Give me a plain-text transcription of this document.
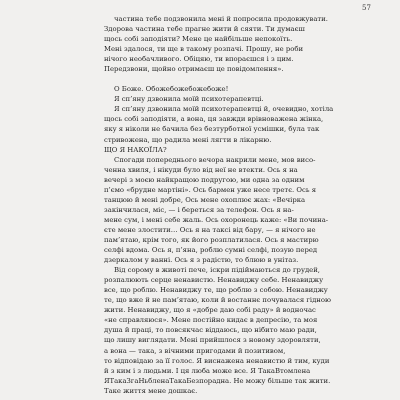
57

частина тебе подзвонила мені й попросила продовжувати.
Здорова частина тебе прагне жити й сяяти. Ти думаєш
щось собі заподіяти? Мене це найбільше непокоїть.
Мені здалося, ти ще в такому розпачі. Прошу, не роби
нічого необачливого. Обіцяю, ти впораєшся і з цим.
Передзвони, щойно отримаєш це повідомлення».

О Боже. Обожебожебожебоже!

Я сп’яну дзвонила моїй психотерапевтці.

Я сп’яну дзвонила моїй психотерапевтці й, очевидно, хотіла
щось собі заподіяти, а вона, ця завжди врівноважена жінка,
яку я ніколи не бачила без безтурботної усмішки, була так
стривожена, що радила мені лягти в лікарню.
ЩО Я НАКОЇЛА?

Спогади попереднього вечора накрили мене, мов висо-
ченна хвиля, і нікуди було від неї не втекти. Ось я на
вечері з моєю найкращою подругою, ми одна за одним
п’ємо «брудне мартіні». Ось бармен уже несе третє. Ось я
танцюю й мені добре, Ось мене охоплює жах: «Вечірка
закінчилася, міс, — і береться за телефон. Ось я на-
мене сум, і мені себе жаль. Ось охоронець каже: «Ви почина-
єте мене злостити… Ось я на таксі від бару, — я нічого не
пам’ятаю, крім того, як його розплатилася. Ось я мастирю
селфі вдома. Ось я, п’яна, роблю сумні селфі, позую перед
дзеркалом у ванні. Ось я з радістю, то блюю в унітаз.

Від сорому в животі пече, іскри підіймаються до грудей,
розпалюють серце ненавистю. Ненавиджу себе. Ненавиджу
все, що роблю. Ненавиджу те, що роблю з собою. Ненавиджу
те, що вже й не пам’ятаю, коли й востаннє почувалася гідною
жити. Ненавиджу, що я «добре даю собі раду» й водночас
«не справляюся». Мене постійно кидає в депресію, та моя
душа й праці, то повсякчас віддаюсь, що нібито маю ради,
що лишу виглядати. Мені прийшлося з новому здоровляти,
а вона — така, з вічними пригодами й позитивом,
то відповідаю за її голос. Я виснажена ненавистю й тим, куди
й з ким і з людьми. І ця люба може все. Я ТакаВтомлена
ЯТакаЗгаНьбленаТакаБезпорадна. Не можу більше так жити.
Таке життя мене дошкає.
